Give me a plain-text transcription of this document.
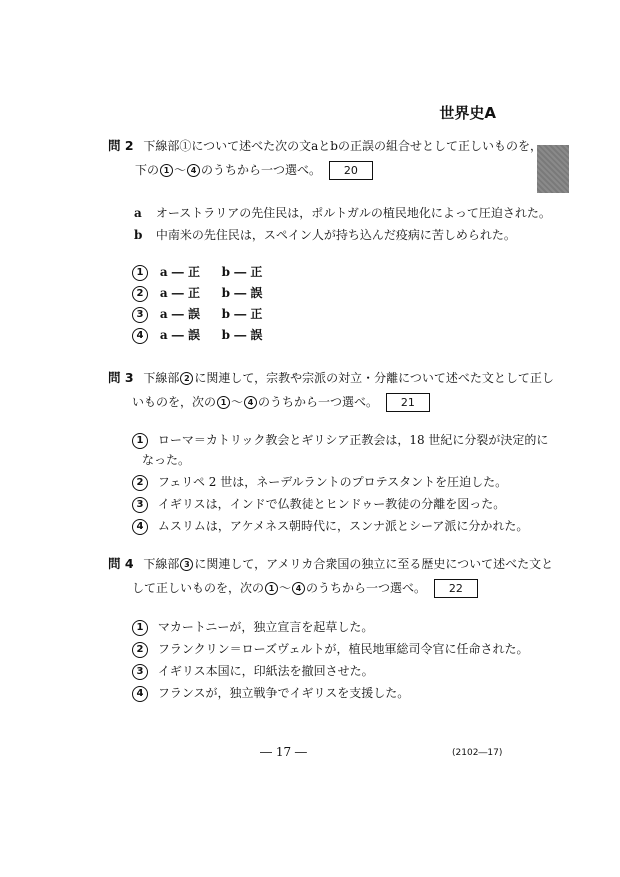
世界史A
問 2 下線部①について述べた次の文aとbの正誤の組合せとして正しいものを，
下の 1 〜 4 のうちから一つ選べ。 20
a オーストラリアの先住民は，ポルトガルの植民地化によって圧迫された。
b 中南米の先住民は，スペイン人が持ち込んだ疫病に苦しめられた。
1 a ― 正 b ― 正
2 a ― 正 b ― 誤
3 a ― 誤 b ― 正
4 a ― 誤 b ― 誤
問 3 下線部 2 に関連して，宗教や宗派の対立・分離について述べた文として正し
いものを，次の 1 〜 4 のうちから一つ選べ。 21
1 ローマ＝カトリック教会とギリシア正教会は，18 世紀に分裂が決定的に
なった。
2 フェリペ 2 世は，ネーデルラントのプロテスタントを圧迫した。
3 イギリスは，インドで仏教徒とヒンドゥー教徒の分離を図った。
4 ムスリムは，アケメネス朝時代に，スンナ派とシーア派に分かれた。
問 4 下線部 3 に関連して，アメリカ合衆国の独立に至る歴史について述べた文と
して正しいものを，次の 1 〜 4 のうちから一つ選べ。 22
1 マカートニーが，独立宣言を起草した。
2 フランクリン＝ローズヴェルトが，植民地軍総司令官に任命された。
3 イギリス本国に，印紙法を撤回させた。
4 フランスが，独立戦争でイギリスを支援した。
― 17 ―	(2102―17)
